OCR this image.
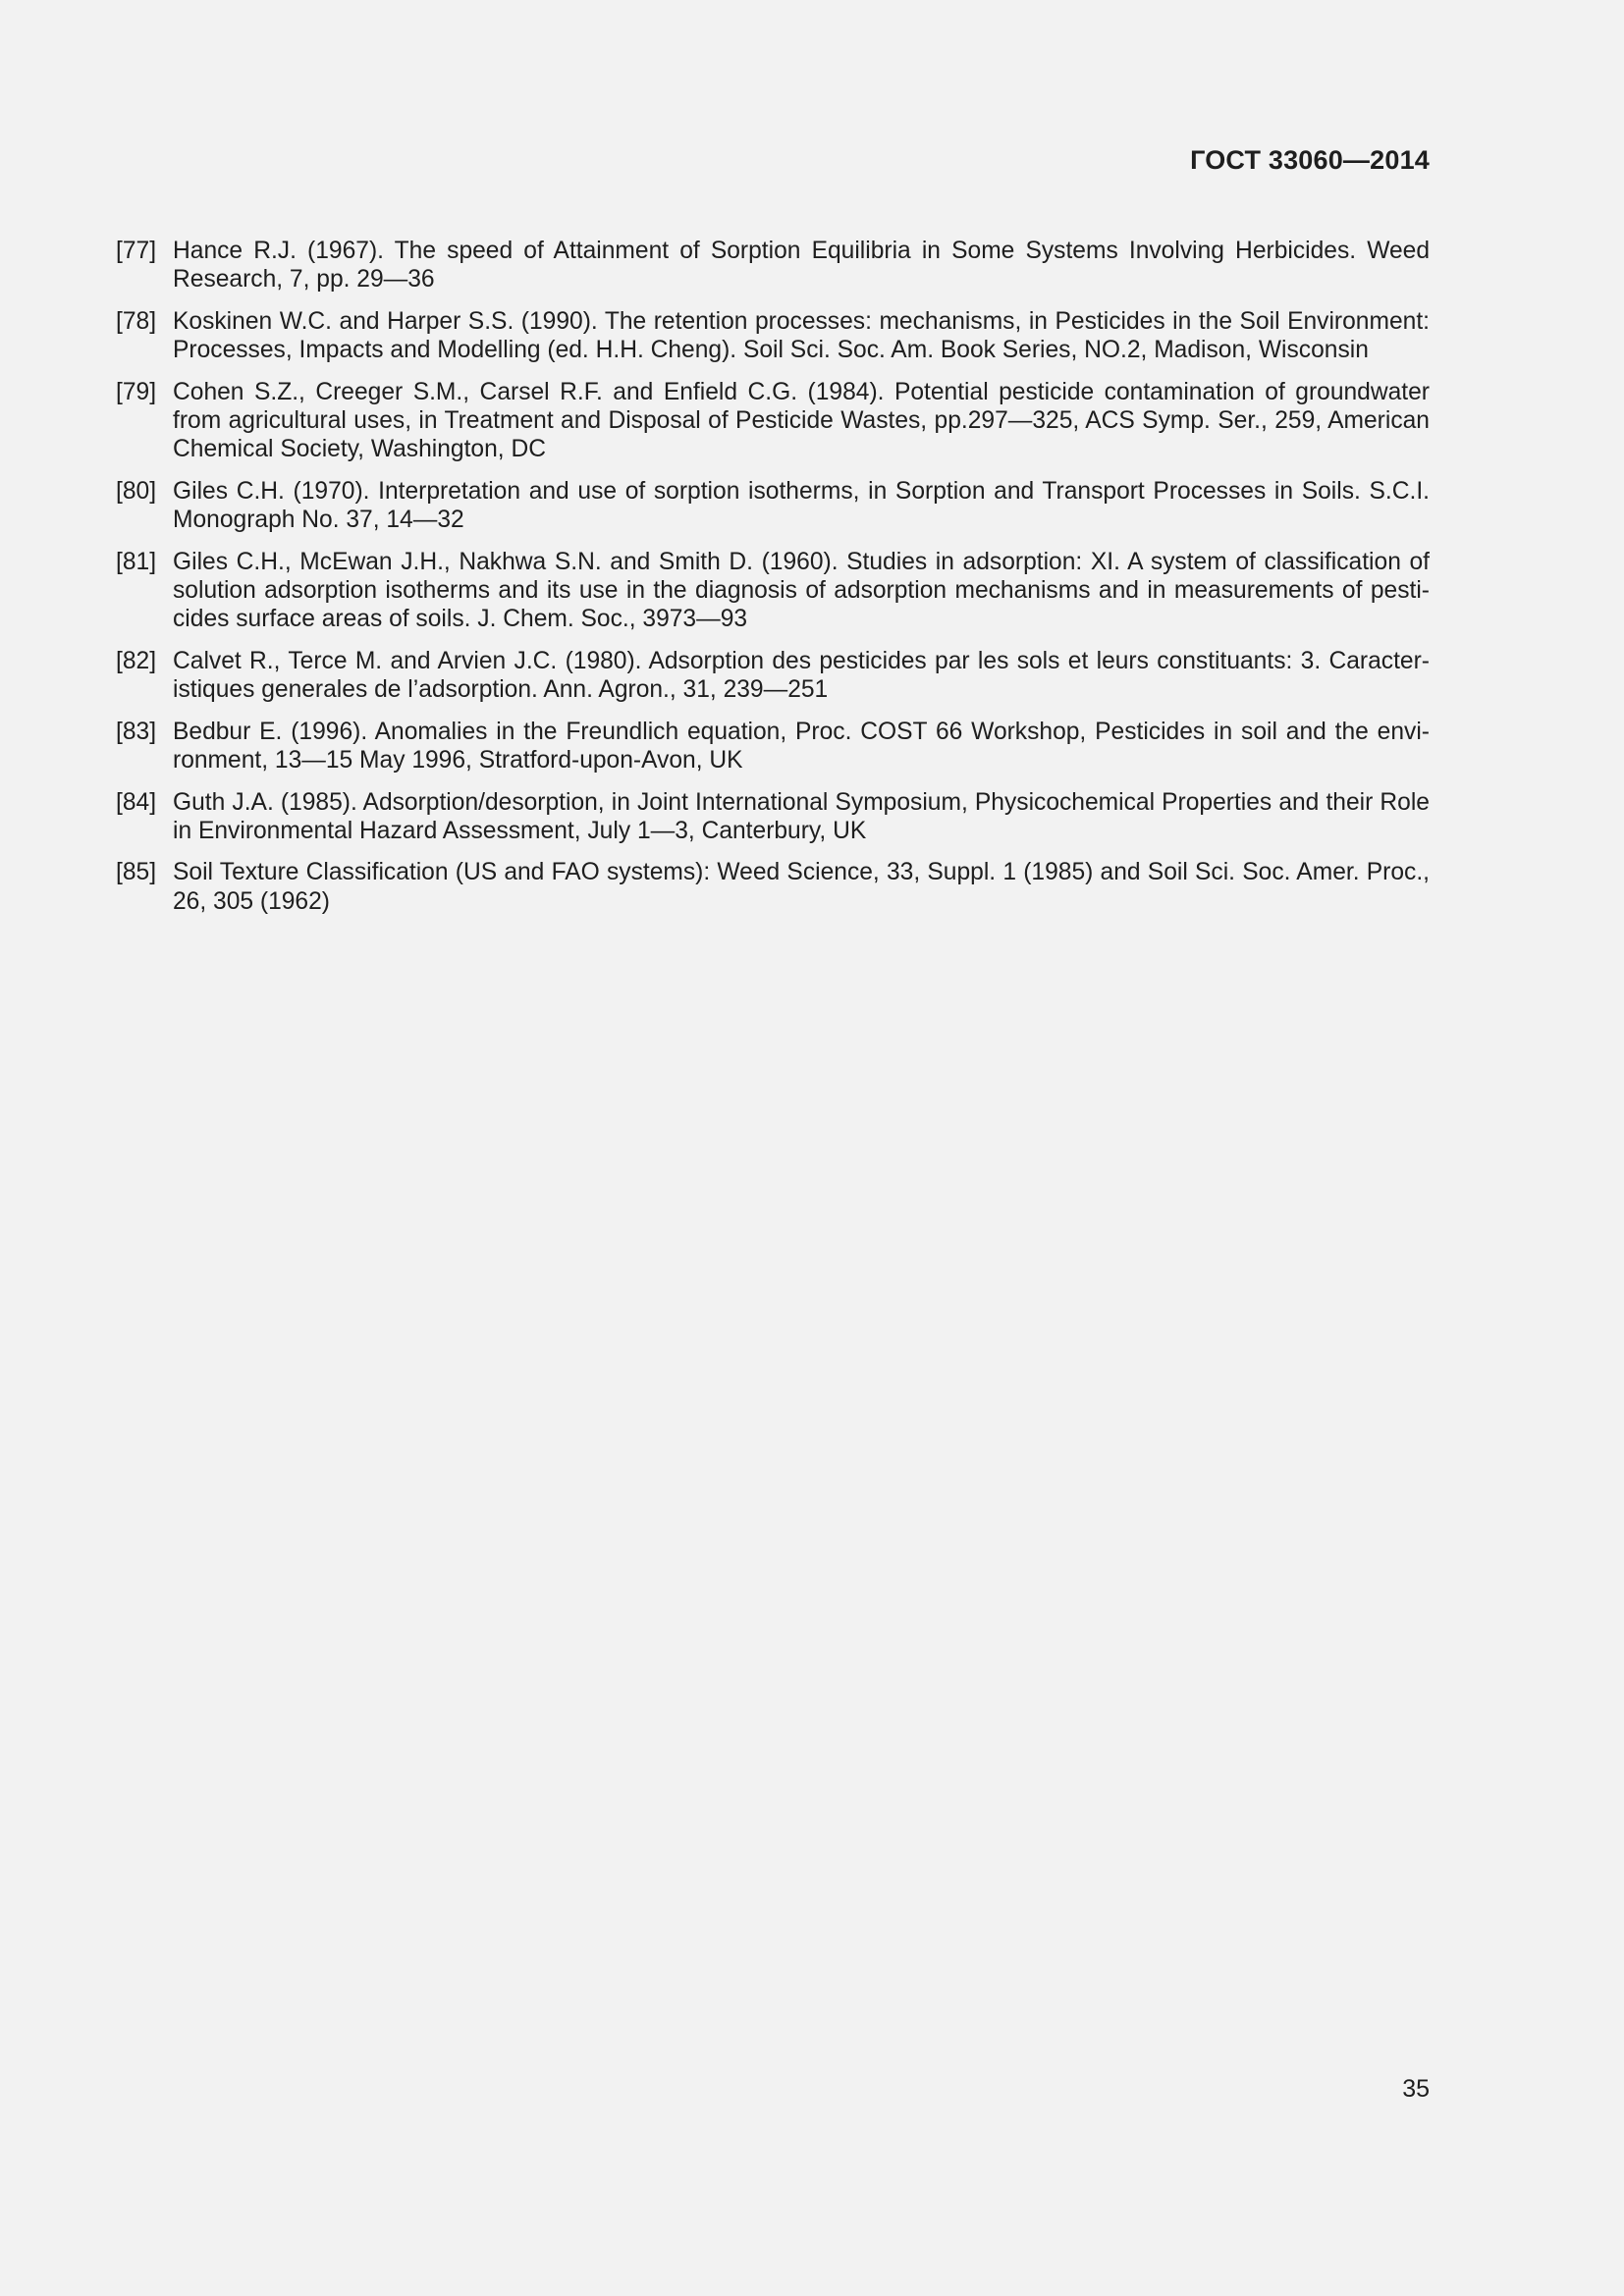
ГОСТ 33060—2014
[77] Hance R.J. (1967). The speed of Attainment of Sorption Equilibria in Some Systems Involving Herbicides. Weed Research, 7, pp. 29—36
[78] Koskinen W.C. and Harper S.S. (1990). The retention processes: mechanisms, in Pesticides in the Soil Environment: Processes, Impacts and Modelling (ed. H.H. Cheng). Soil Sci. Soc. Am. Book Series, NO.2, Madison, Wisconsin
[79] Cohen S.Z., Creeger S.M., Carsel R.F. and Enfield C.G. (1984). Potential pesticide contamination of groundwater from agricultural uses, in Treatment and Disposal of Pesticide Wastes, pp.297—325, ACS Symp. Ser., 259, American Chemical Society, Washington, DC
[80] Giles C.H. (1970). Interpretation and use of sorption isotherms, in Sorption and Transport Processes in Soils. S.C.I. Monograph No. 37, 14—32
[81] Giles C.H., McEwan J.H., Nakhwa S.N. and Smith D. (1960). Studies in adsorption: XI. A system of classification of solution adsorption isotherms and its use in the diagnosis of adsorption mechanisms and in measurements of pesticides surface areas of soils. J. Chem. Soc., 3973—93
[82] Calvet R., Terce M. and Arvien J.C. (1980). Adsorption des pesticides par les sols et leurs constituants: 3. Caracteristiques generales de l’adsorption. Ann. Agron., 31, 239—251
[83] Bedbur E. (1996). Anomalies in the Freundlich equation, Proc. COST 66 Workshop, Pesticides in soil and the environment, 13—15 May 1996, Stratford-upon-Avon, UK
[84] Guth J.A. (1985). Adsorption/desorption, in Joint International Symposium, Physicochemical Properties and their Role in Environmental Hazard Assessment, July 1—3, Canterbury, UK
[85] Soil Texture Classification (US and FAO systems): Weed Science, 33, Suppl. 1 (1985) and Soil Sci. Soc. Amer. Proc., 26, 305 (1962)
35
